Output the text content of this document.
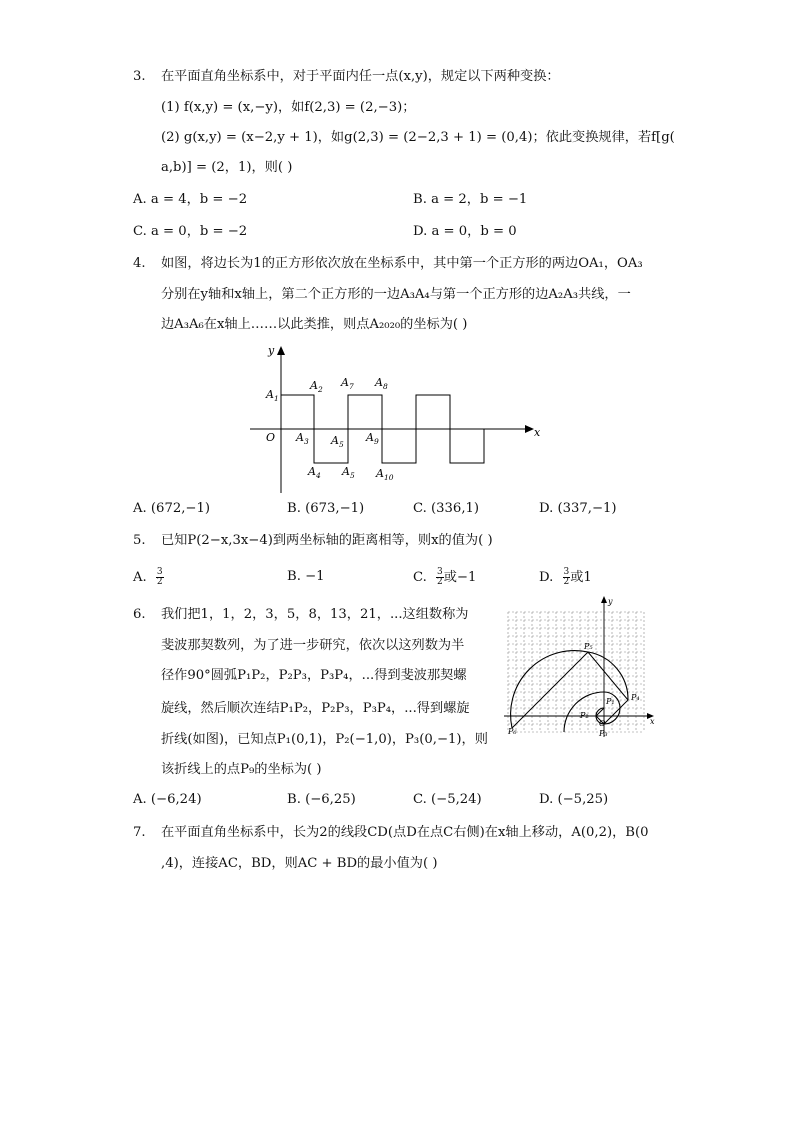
3. 在平面直角坐标系中，对于平面内任一点(x,y)，规定以下两种变换：
(1) f(x,y) = (x,−y)，如f(2,3) = (2,−3)；
(2) g(x,y) = (x−2,y + 1)，如g(2,3) = (2−2,3 + 1) = (0,4)；依此变换规律，若f[g(
a,b)] = (2，1)，则( )
A. a = 4，b = −2	B. a = 2，b = −1
C. a = 0，b = −2	D. a = 0，b = 0
4. 如图，将边长为1的正方形依次放在坐标系中，其中第一个正方形的两边OA₁，OA₃
分别在y轴和x轴上，第二个正方形的一边A₃A₄与第一个正方形的边A₂A₃共线，一
边A₃A₆在x轴上……以此类推，则点A₂₀₂₀的坐标为( )
y
x
O
A 1
A 2
A 3
A 4
A 5
A 5
A 7 A 8
A 9
A 10
A. (672,−1)	B. (673,−1)	C. (336,1)	D. (337,−1)
5. 已知P(2−x,3x−4)到两坐标轴的距离相等，则x的值为( )
A. $\frac{3}{2}$	B. −1	C. $\frac{3}{2}$ 或−1	D. $\frac{3}{2}$ 或1
6. 我们把1，1，2，3，5，8，13，21，...这组数称为
斐波那契数列，为了进一步研究，依次以这列数为半
径作90°圆弧P₁P₂，P₂P₃，P₃P₄，...得到斐波那契螺
旋线，然后顺次连结P₁P₂，P₂P₃，P₃P₄，...得到螺旋
折线(如图)，已知点P₁(0,1)，P₂(−1,0)，P₃(0,−1)，则
该折线上的点P₉的坐标为( )
y
x
O
P₁
P₂
P₃
P₄
P₅
P₆
A. (−6,24)	B. (−6,25)	C. (−5,24)	D. (−5,25)
7. 在平面直角坐标系中，长为2的线段CD(点D在点C右侧)在x轴上移动，A(0,2)，B(0
,4)，连接AC，BD，则AC + BD的最小值为( )
